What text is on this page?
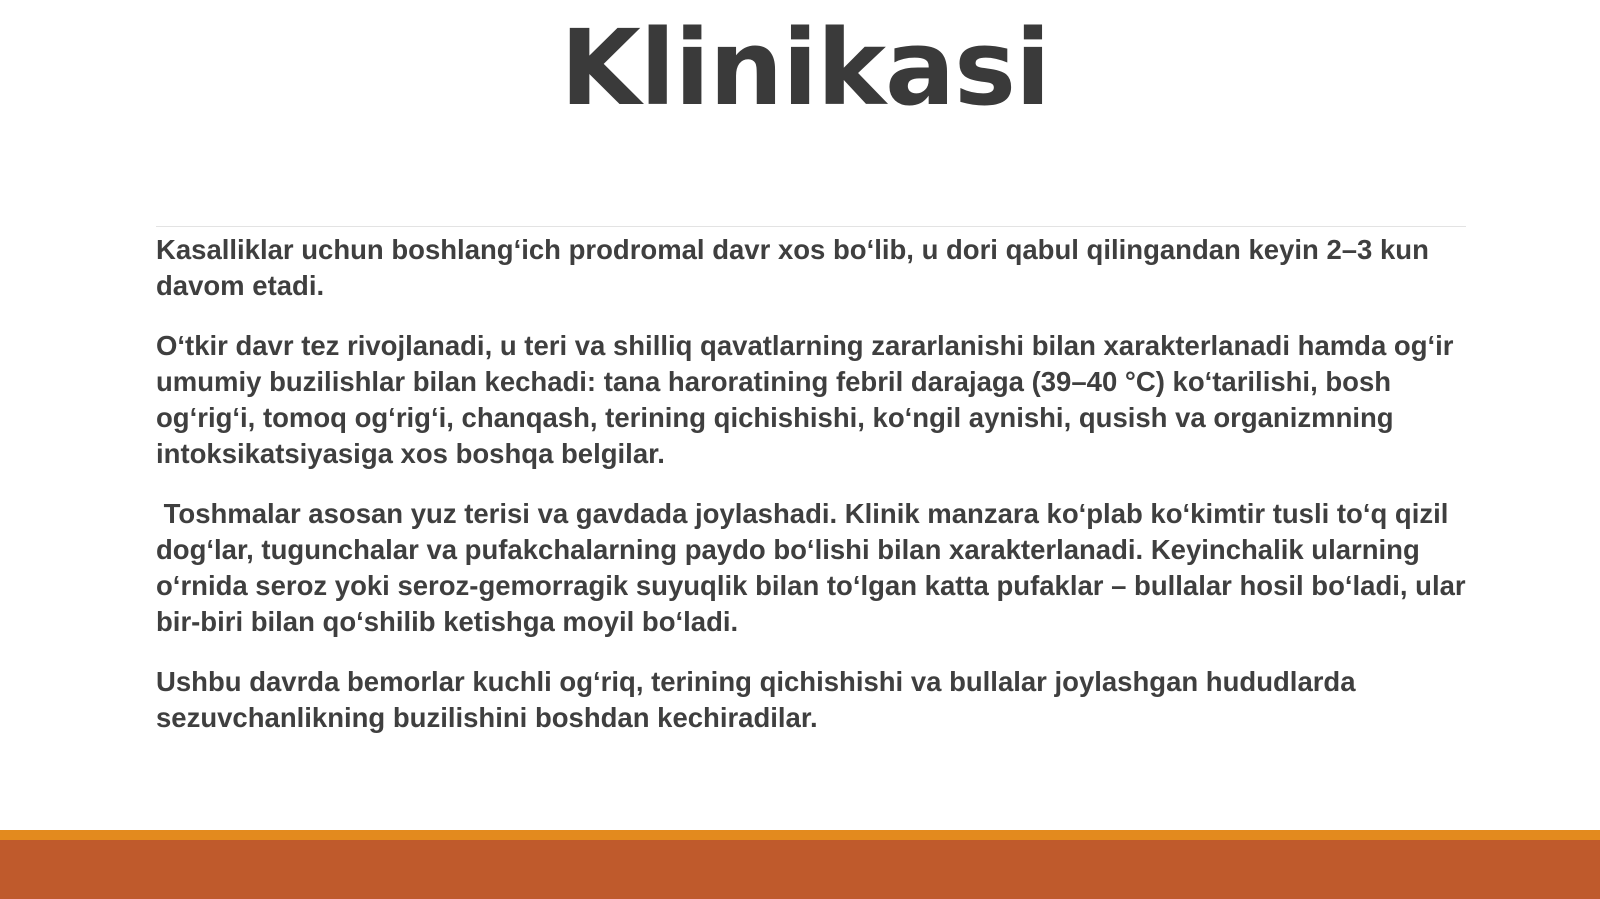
Klinikasi

Kasalliklar uchun boshlang‘ich prodromal davr xos bo‘lib, u dori qabul qilingandan keyin 2–3 kun davom etadi.

O‘tkir davr tez rivojlanadi, u teri va shilliq qavatlarning zararlanishi bilan xarakterlanadi hamda og‘ir umumiy buzilishlar bilan kechadi: tana haroratining febril darajaga (39–40 °C) ko‘tarilishi, bosh og‘rig‘i, tomoq og‘rig‘i, chanqash, terining qichishishi, ko‘ngil aynishi, qusish va organizmning intoksikatsiyasiga xos boshqa belgilar.

Toshmalar asosan yuz terisi va gavdada joylashadi. Klinik manzara ko‘plab ko‘kimtir tusli to‘q qizil dog‘lar, tugunchalar va pufakchalarning paydo bo‘lishi bilan xarakterlanadi. Keyinchalik ularning o‘rnida seroz yoki seroz-gemorragik suyuqlik bilan to‘lgan katta pufaklar – bullalar hosil bo‘ladi, ular bir-biri bilan qo‘shilib ketishga moyil bo‘ladi.

Ushbu davrda bemorlar kuchli og‘riq, terining qichishishi va bullalar joylashgan hududlarda sezuvchanlikning buzilishini boshdan kechiradilar.
